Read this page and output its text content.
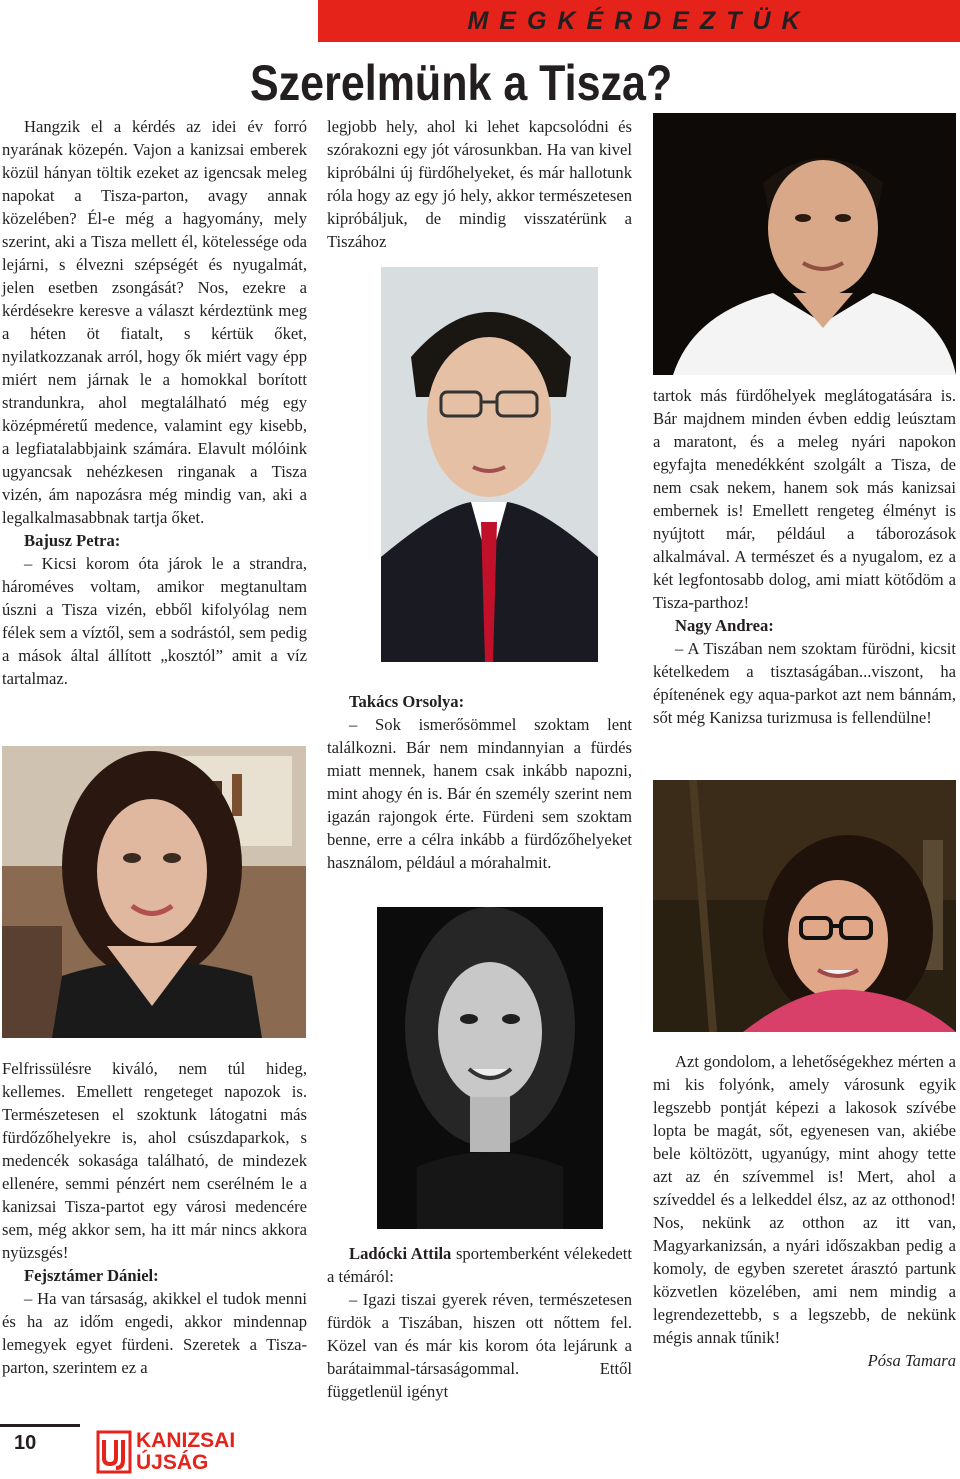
MEGKÉRDEZTÜK
Szerelmünk a Tisza?

Hangzik el a kérdés az idei év forró nyarának közepén. Vajon a kanizsai emberek közül hányan töltik ezeket az igencsak meleg napokat a Tisza-parton, avagy annak közelében? Él-e még a hagyomány, mely szerint, aki a Tisza mellett él, kötelessége oda lejárni, s élvezni szépségét és nyugalmát, jelen esetben zsongását? Nos, ezekre a kérdésekre keresve a választ kérdeztünk meg a héten öt fiatalt, s kértük őket, nyilatkozzanak arról, hogy ők miért vagy épp miért nem járnak le a homokkal borított strandunkra, ahol megtalálható még egy középméretű medence, valamint egy kisebb, a legfiatalabbjaink számára. Elavult mólóink ugyancsak nehézkesen ringanak a Tisza vizén, ám napozásra még mindig van, aki a legalkalmasabbnak tartja őket.

Bajusz Petra:

– Kicsi korom óta járok le a strandra, hároméves voltam, amikor megtanultam úszni a Tisza vizén, ebből kifolyólag nem félek sem a víztől, sem a sodrástól, sem pedig a mások által állított „kosztól” amit a víz tartalmaz.

Felfrissülésre kiváló, nem túl hideg, kellemes. Emellett rengeteget napozok is. Természetesen el szoktunk látogatni más fürdőzőhelyekre is, ahol csúszdaparkok, s medencék sokasága található, de mindezek ellenére, semmi pénzért nem cserélném le a kanizsai Tisza-partot egy városi medencére sem, még akkor sem, ha itt már nincs akkora nyüzsgés!

Fejsztámer Dániel:

– Ha van társaság, akikkel el tudok menni és ha az időm engedi, akkor mindennap lemegyek egyet fürdeni. Szeretek a Tisza-parton, szerintem ez a

legjobb hely, ahol ki lehet kapcsolódni és szórakozni egy jót városunkban. Ha van kivel kipróbálni új fürdőhelyeket, és már hallotunk róla hogy az egy jó hely, akkor természetesen kipróbáljuk, de mindig visszatérünk a Tiszához

Takács Orsolya:

– Sok ismerősömmel szoktam lent találkozni. Bár nem mindannyian a fürdés miatt mennek, hanem csak inkább napozni, mint ahogy én is. Bár én személy szerint nem igazán rajongok érte. Fürdeni sem szoktam benne, erre a célra inkább a fürdőzőhelyeket használom, például a mórahalmit.

Ladócki Attila sportemberként vélekedett a témáról:

– Igazi tiszai gyerek réven, természetesen fürdök a Tiszában, hiszen ott nőttem fel. Közel van és már kis korom óta lejárunk a barátaimmal-társaságommal. Ettől függetlenül igényt

tartok más fürdőhelyek meglátogatására is. Bár majdnem minden évben eddig leúsztam a maratont, és a meleg nyári napokon egyfajta menedékként szolgált a Tisza, de nem csak nekem, hanem sok más kanizsai embernek is! Emellett rengeteg élményt is nyújtott már, például a táborozások alkalmával. A természet és a nyugalom, ez a két legfontosabb dolog, ami miatt kötődöm a Tisza-parthoz!

Nagy Andrea:

– A Tiszában nem szoktam fürödni, kicsit kételkedem a tisztaságában...viszont, ha építenének egy aqua-parkot azt nem bánnám, sőt még Kanizsa turizmusa is fellendülne!

Azt gondolom, a lehetőségekhez mérten a mi kis folyónk, amely városunk egyik legszebb pontját képezi a lakosok szívébe lopta be magát, sőt, egyenesen van, akiébe bele költözött, ugyanúgy, mint ahogy tette azt az én szívemmel is! Mert, ahol a szíveddel és a lelkeddel élsz, az az otthonod! Nos, nekünk az otthon az itt van, Magyarkanizsán, a nyári időszakban pedig a komoly, de egyben szeretet árasztó partunk közvetlen közelében, ami nem mindig a legrendezettebb, s a legszebb, de nekünk mégis annak tűnik!

Pósa Tamara

10	KANIZSAI
ÚJSÁG
